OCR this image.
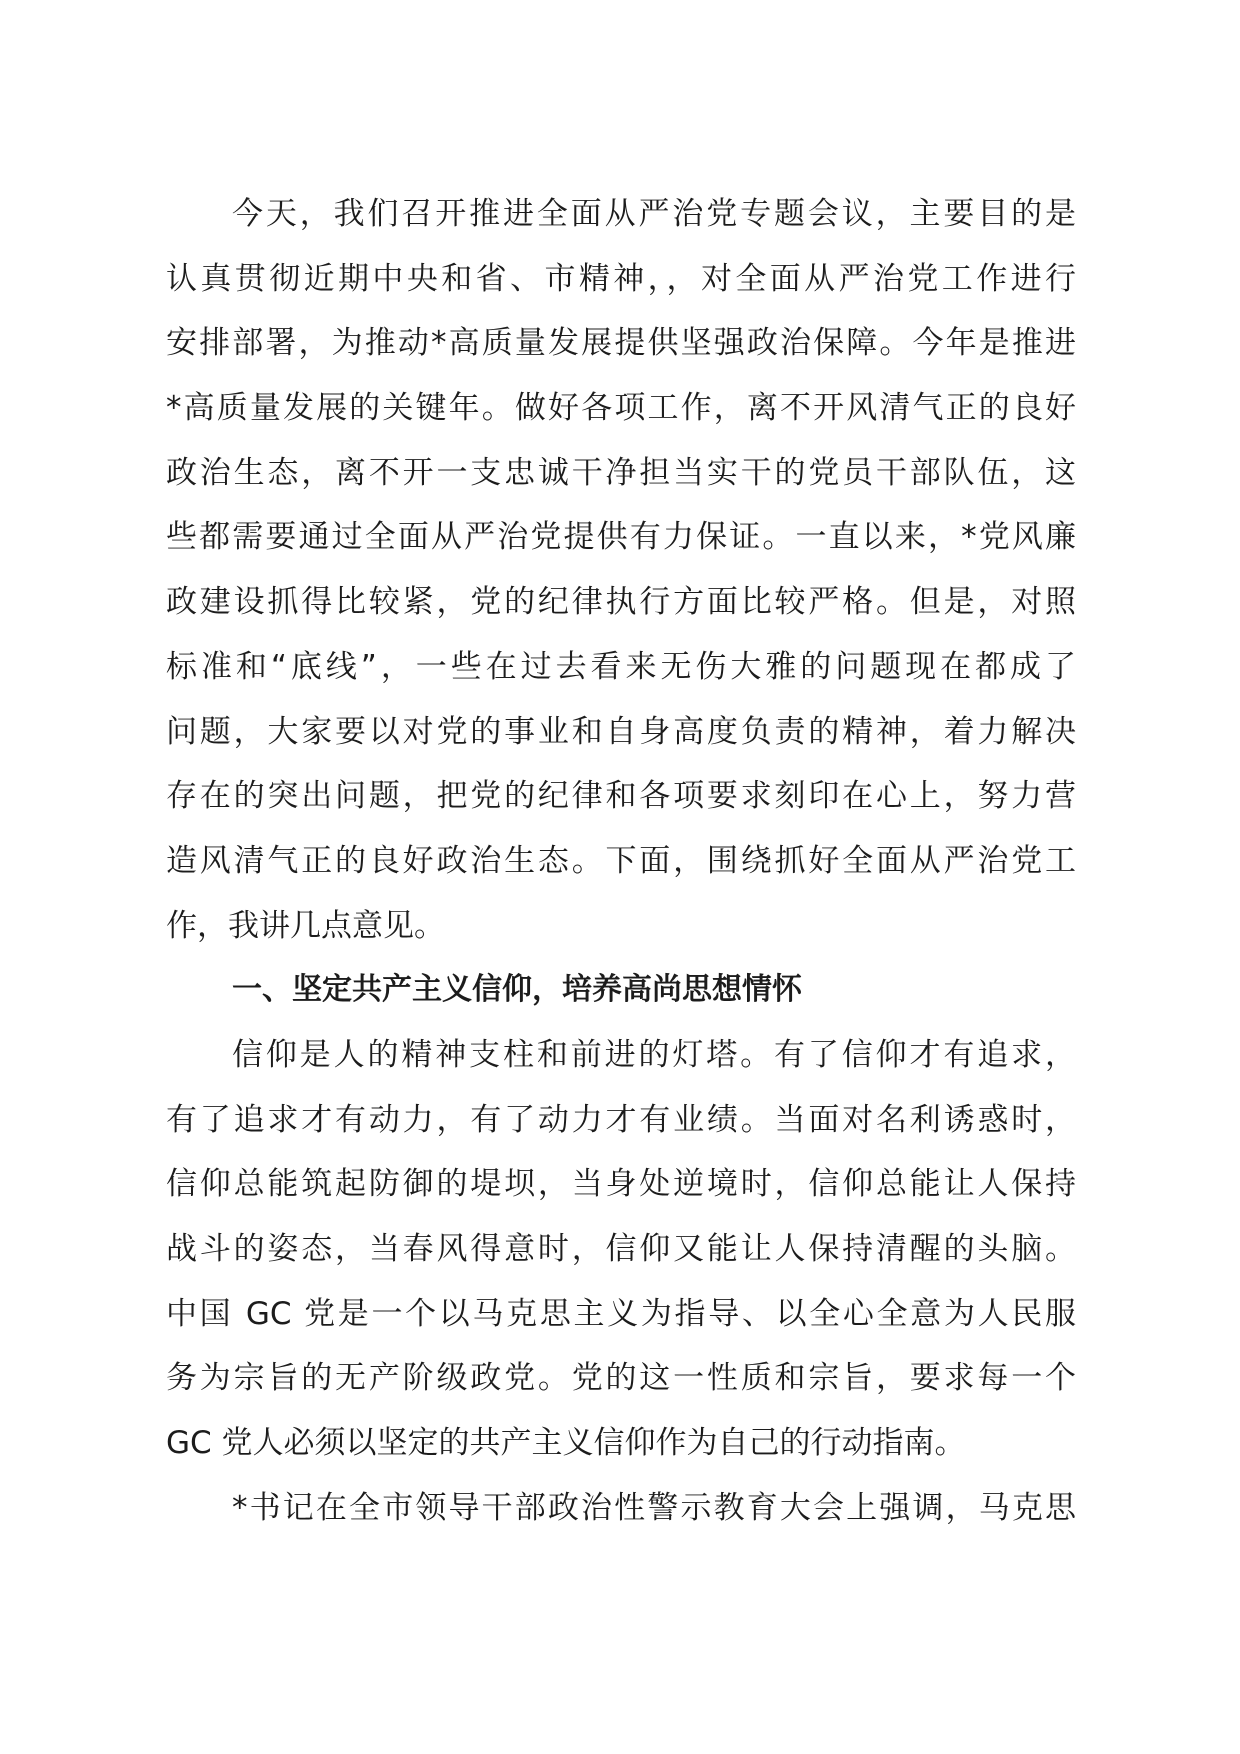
今天，我们召开推进全面从严治党专题会议，主要目的是
认真贯彻近期中央和省、市精神，，对全面从严治党工作进行
安排部署，为推动*高质量发展提供坚强政治保障。今年是推进
*高质量发展的关键年。做好各项工作，离不开风清气正的良好
政治生态，离不开一支忠诚干净担当实干的党员干部队伍，这
些都需要通过全面从严治党提供有力保证。一直以来，*党风廉
政建设抓得比较紧，党的纪律执行方面比较严格。但是，对照
标准和“底线”，一些在过去看来无伤大雅的问题现在都成了
问题，大家要以对党的事业和自身高度负责的精神，着力解决
存在的突出问题，把党的纪律和各项要求刻印在心上，努力营
造风清气正的良好政治生态。下面，围绕抓好全面从严治党工
作，我讲几点意见。
一、坚定共产主义信仰，培养高尚思想情怀
信仰是人的精神支柱和前进的灯塔。有了信仰才有追求，
有了追求才有动力，有了动力才有业绩。当面对名利诱惑时，
信仰总能筑起防御的堤坝，当身处逆境时，信仰总能让人保持
战斗的姿态，当春风得意时，信仰又能让人保持清醒的头脑。
中国 GC 党是一个以马克思主义为指导、以全心全意为人民服
务为宗旨的无产阶级政党。党的这一性质和宗旨，要求每一个
GC 党人必须以坚定的共产主义信仰作为自己的行动指南。
*书记在全市领导干部政治性警示教育大会上强调，马克思
